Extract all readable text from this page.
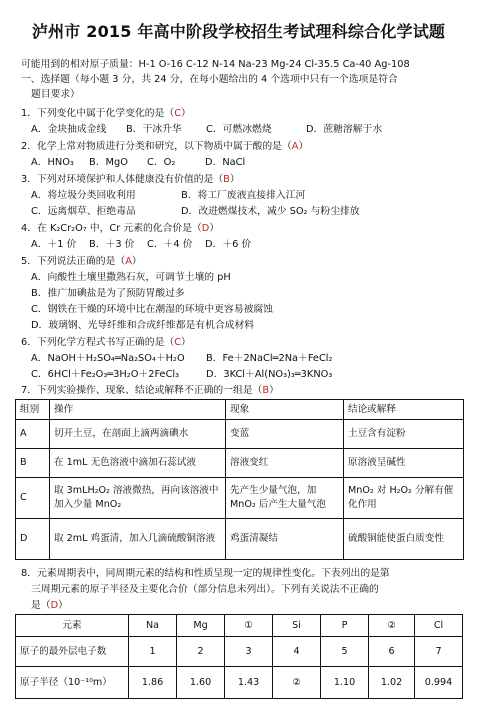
泸州市 2015 年高中阶段学校招生考试理科综合化学试题
可能用到的相对原子质量：H-1 O-16 C-12 N-14 Na-23 Mg-24 Cl-35.5 Ca-40 Ag-108
一、选择题（每小题 3 分，共 24 分，在每小题给出的 4 个选项中只有一个选项是符合
题目要求）
1．下列变化中属于化学变化的是（C）
A．金块抽成金线	B．干冰升华	C．可燃冰燃烧	D．蔗糖溶解于水
2．化学上常对物质进行分类和研究，以下物质中属于酸的是（A）
A．HNO₃	B．MgO	C．O₂	D．NaCl
3．下列对环境保护和人体健康没有价值的是（B）
A．将垃圾分类回收利用	B．将工厂废液直接排入江河
C．远离烟草、拒绝毒品	D．改进燃煤技术，减少 SO₂ 与粉尘排放
4．在 K₂Cr₂O₇ 中，Cr 元素的化合价是（D）
A．＋1 价	B．＋3 价	C．＋4 价	D．＋6 价
5．下列说法正确的是（A）
A．向酸性土壤里撒熟石灰，可调节土壤的 pH
B．推广加碘盐是为了预防胃酸过多
C．钢铁在干燥的环境中比在潮湿的环境中更容易被腐蚀
D．玻璃钢、光导纤维和合成纤维都是有机合成材料
6．下列化学方程式书写正确的是（C）
A．NaOH＋H₂SO₄═Na₂SO₄＋H₂O	B．Fe＋2NaCl═2Na＋FeCl₂
C．6HCl＋Fe₂O₃═3H₂O＋2FeCl₃	D．3KCl＋Al(NO₃)₃═3KNO₃
7．下列实验操作、现象、结论或解释不正确的一组是（B）
组别	操作	现象	结论或解释
A	切开土豆，在剖面上滴两滴碘水	变蓝	土豆含有淀粉
B	在 1mL 无色溶液中滴加石蕊试液	溶液变红	原溶液呈碱性
C	取 3mLH₂O₂ 溶液微热，再向该溶液中加入少量 MnO₂	先产生少量气泡，加 MnO₂ 后产生大量气泡	MnO₂ 对 H₂O₂ 分解有催化作用
D	取 2mL 鸡蛋清，加入几滴硫酸铜溶液	鸡蛋清凝结	硫酸铜能使蛋白质变性
8．元素周期表中，同周期元素的结构和性质呈现一定的规律性变化。下表列出的是第
三周期元素的原子半径及主要化合价（部分信息未列出）。下列有关说法不正确的
是（D）
元素	Na	Mg	①	Si	P	②	Cl
原子的最外层电子数	1	2	3	4	5	6	7
原子半径（10⁻¹⁰m）	1.86	1.60	1.43	②	1.10	1.02	0.994
